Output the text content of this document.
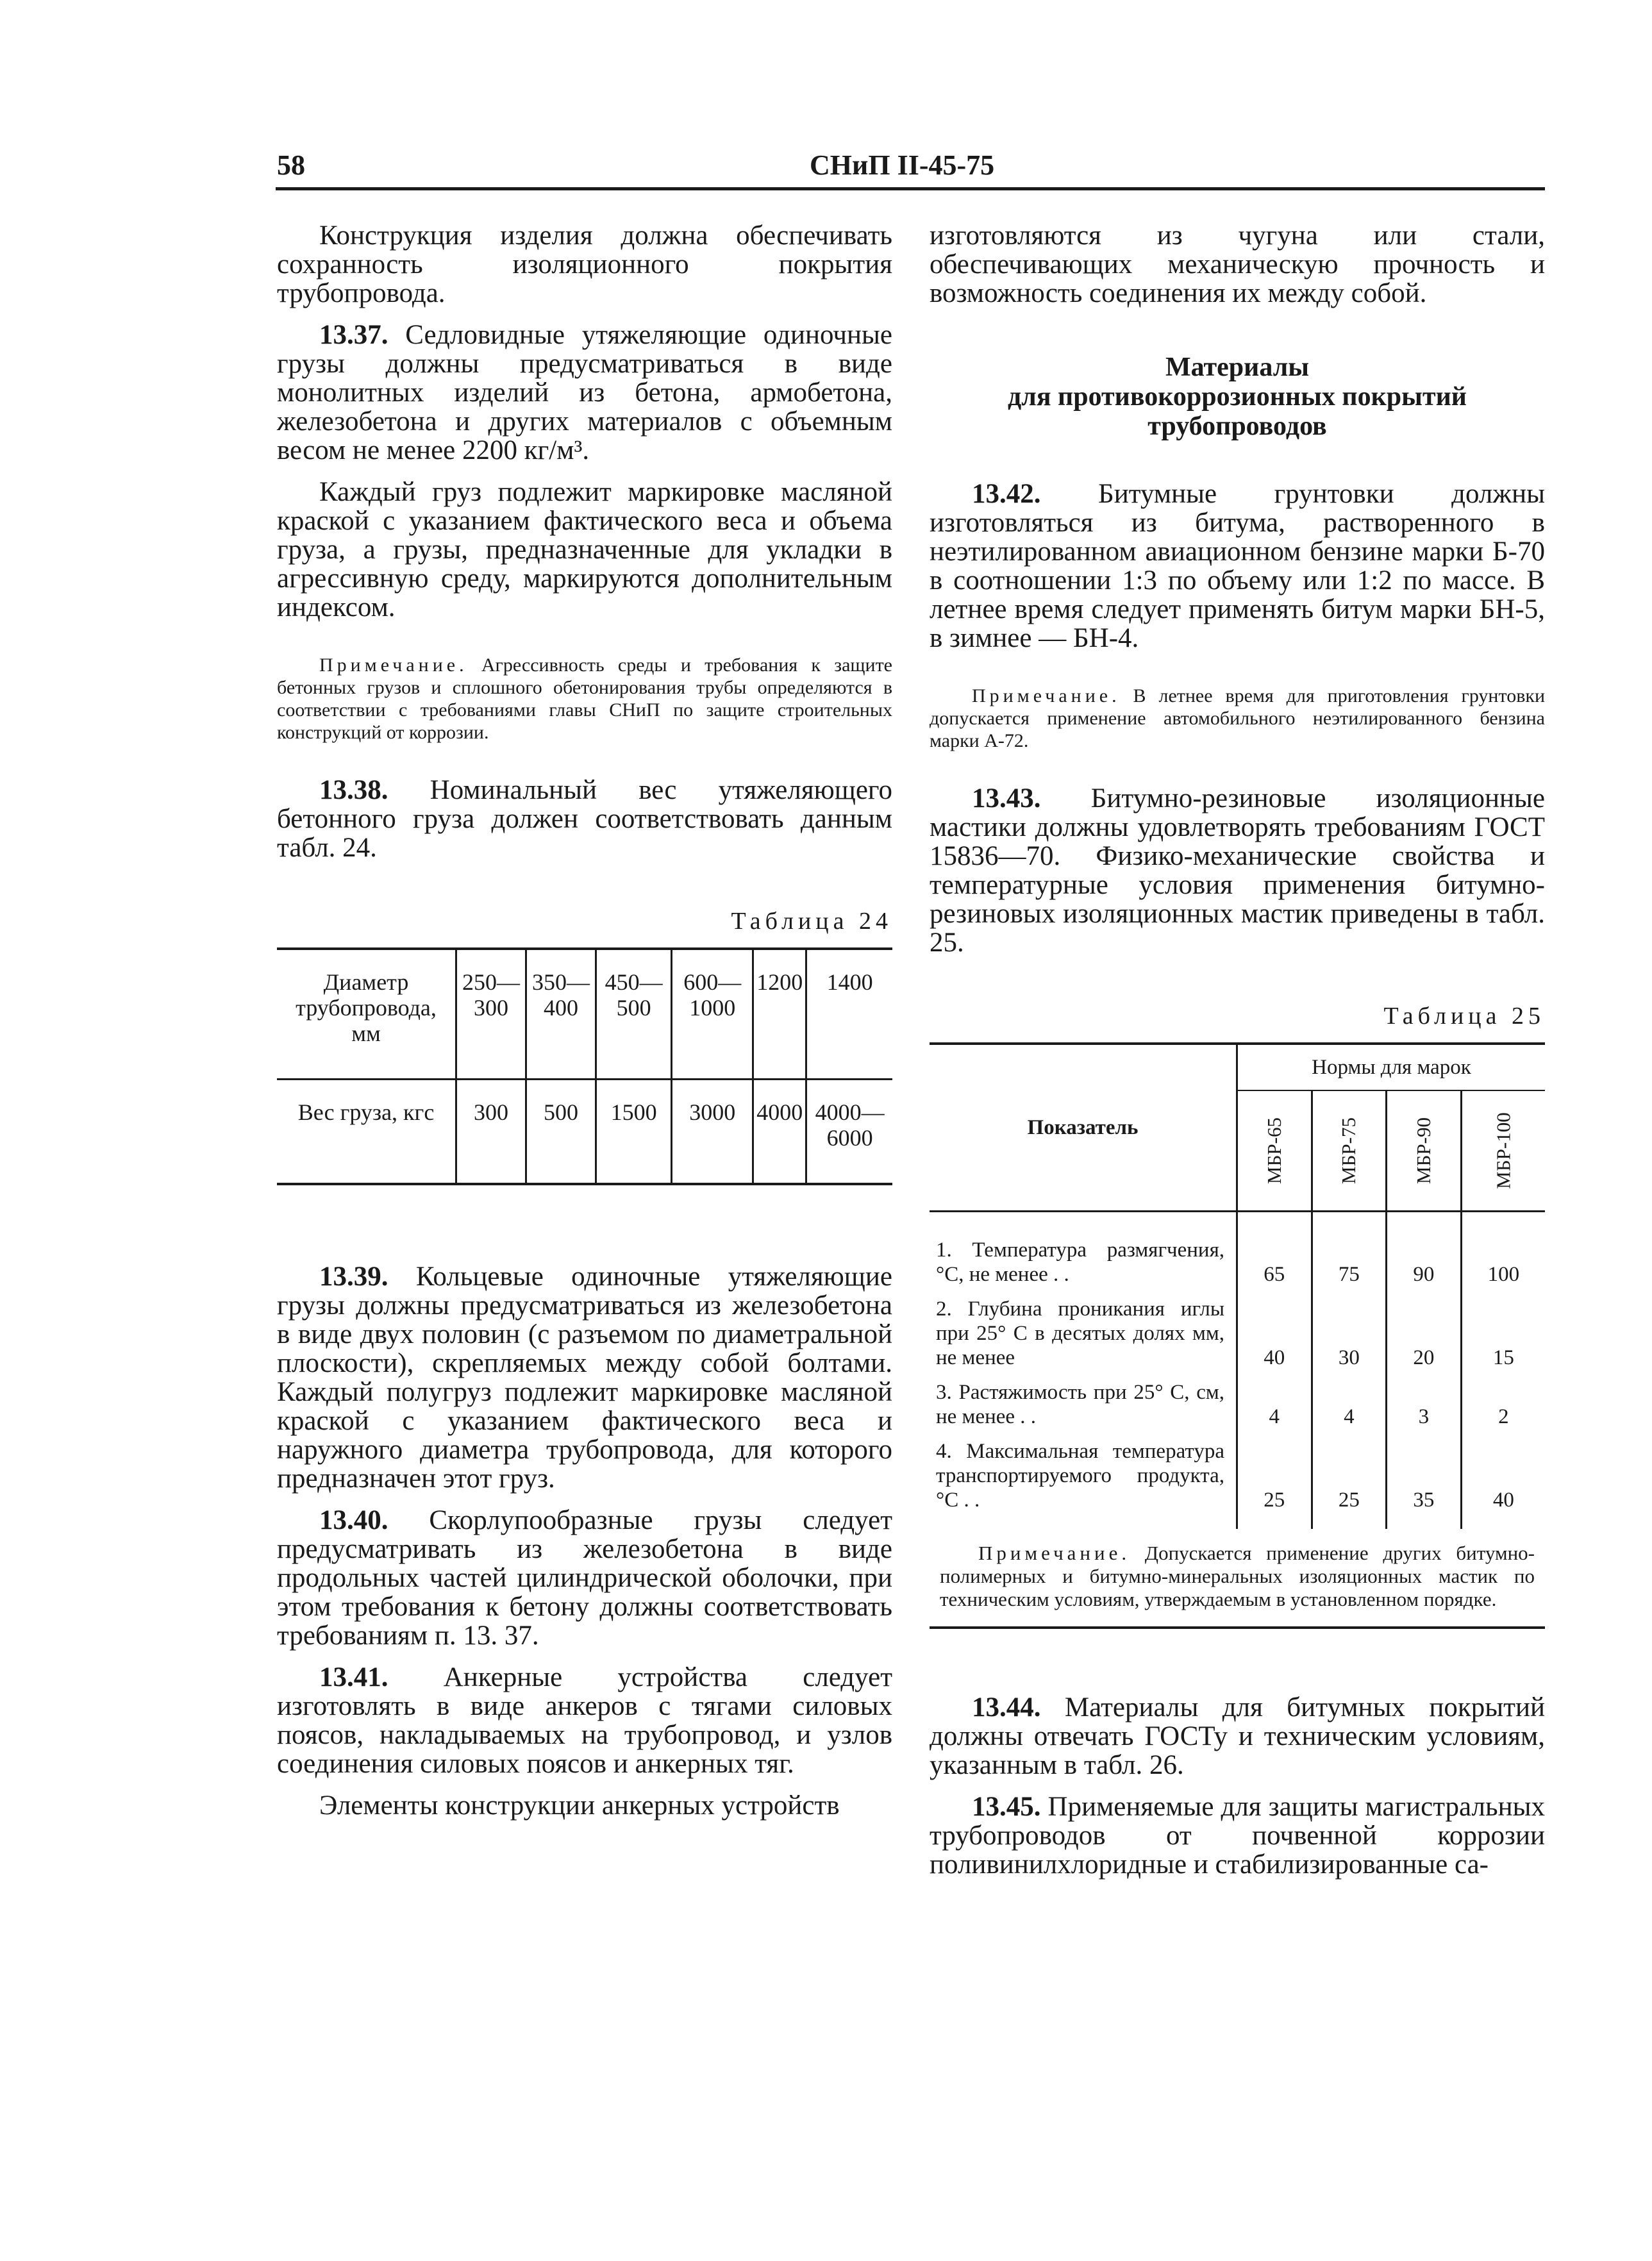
58	СНиП II-45-75

Конструкция изделия должна обеспечивать сохранность изоляционного покрытия трубопровода.

13.37. Седловидные утяжеляющие одиночные грузы должны предусматриваться в виде монолитных изделий из бетона, армобетона, железобетона и других материалов с объемным весом не менее 2200 кг/м³.

Каждый груз подлежит маркировке масляной краской с указанием фактического веса и объема груза, а грузы, предназначенные для укладки в агрессивную среду, маркируются дополнительным индексом.

Примечание. Агрессивность среды и требования к защите бетонных грузов и сплошного обетонирования трубы определяются в соответствии с требованиями главы СНиП по защите строительных конструкций от коррозии.

13.38. Номинальный вес утяжеляющего бетонного груза должен соответствовать данным табл. 24.

Таблица 24
Диаметр трубопровода, мм	250—300	350—400	450—500	600—1000	1200	1400
Вес груза, кгс	300	500	1500	3000	4000	4000—6000

13.39. Кольцевые одиночные утяжеляющие грузы должны предусматриваться из железобетона в виде двух половин (с разъемом по диаметральной плоскости), скрепляемых между собой болтами. Каждый полугруз подлежит маркировке масляной краской с указанием фактического веса и наружного диаметра трубопровода, для которого предназначен этот груз.

13.40. Скорлупообразные грузы следует предусматривать из железобетона в виде продольных частей цилиндрической оболочки, при этом требования к бетону должны соответствовать требованиям п. 13. 37.

13.41. Анкерные устройства следует изготовлять в виде анкеров с тягами силовых поясов, накладываемых на трубопровод, и узлов соединения силовых поясов и анкерных тяг.

Элементы конструкции анкерных устройств

изготовляются из чугуна или стали, обеспечивающих механическую прочность и возможность соединения их между собой.

Материалы
для противокоррозионных покрытий
трубопроводов

13.42. Битумные грунтовки должны изготовляться из битума, растворенного в неэтилированном авиационном бензине марки Б-70 в соотношении 1:3 по объему или 1:2 по массе. В летнее время следует применять битум марки БН-5, в зимнее — БН-4.

Примечание. В летнее время для приготовления грунтовки допускается применение автомобильного неэтилированного бензина марки А-72.

13.43. Битумно-резиновые изоляционные мастики должны удовлетворять требованиям ГОСТ 15836—70. Физико-механические свойства и температурные условия применения битумно-резиновых изоляционных мастик приведены в табл. 25.

Таблица 25
Показатель	Нормы для марок			
	МБР-65	МБР-75	МБР-90	МБР-100
1. Температура размягчения, °С, не менее . .	65	75	90	100
2. Глубина проникания иглы при 25° С в десятых долях мм, не менее	40	30	20	15
3. Растяжимость при 25° С, см, не менее . .	4	4	3	2
4. Максимальная температура транспортируемого продукта, °С . .	25	25	35	40
Примечание. Допускается применение других битумно-полимерных и битумно-минеральных изоляционных мастик по техническим условиям, утверждаемым в установленном порядке.

13.44. Материалы для битумных покрытий должны отвечать ГОСТу и техническим условиям, указанным в табл. 26.

13.45. Применяемые для защиты магистральных трубопроводов от почвенной коррозии поливинилхлоридные и стабилизированные са-
